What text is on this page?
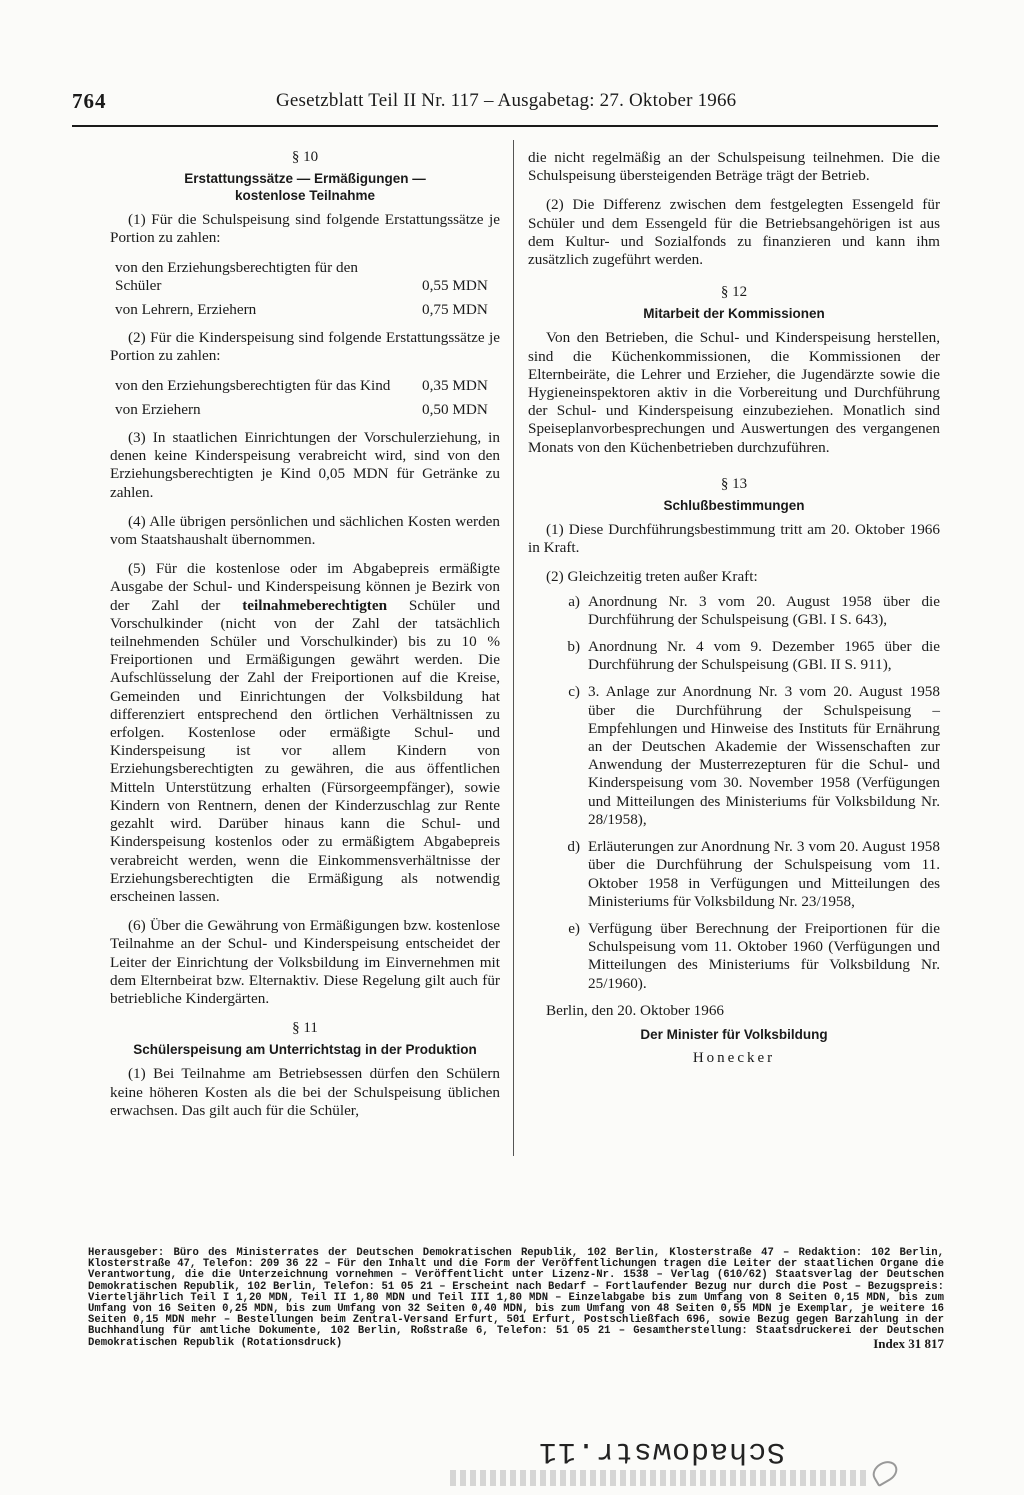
764	Gesetzblatt Teil II Nr. 117 – Ausgabetag: 27. Oktober 1966
§ 10
Erstattungssätze — Ermäßigungen —
kostenlose Teilnahme
(1) Für die Schulspeisung sind folgende Erstattungssätze je Portion zu zahlen:
von den Erziehungsberechtigten für den Schüler	0,55 MDN
von Lehrern, Erziehern	0,75 MDN
(2) Für die Kinderspeisung sind folgende Erstattungssätze je Portion zu zahlen:
von den Erziehungsberechtigten für das Kind	0,35 MDN
von Erziehern	0,50 MDN
(3) In staatlichen Einrichtungen der Vorschulerziehung, in denen keine Kinderspeisung verabreicht wird, sind von den Erziehungsberechtigten je Kind 0,05 MDN für Getränke zu zahlen.
(4) Alle übrigen persönlichen und sächlichen Kosten werden vom Staatshaushalt übernommen.
(5) Für die kostenlose oder im Abgabepreis ermäßigte Ausgabe der Schul- und Kinderspeisung können je Bezirk von der Zahl der teilnahmeberechtigten Schüler und Vorschulkinder (nicht von der Zahl der tatsächlich teilnehmenden Schüler und Vorschulkinder) bis zu 10 % Freiportionen und Ermäßigungen gewährt werden. Die Aufschlüsselung der Zahl der Freiportionen auf die Kreise, Gemeinden und Einrichtungen der Volksbildung hat differenziert entsprechend den örtlichen Verhältnissen zu erfolgen. Kostenlose oder ermäßigte Schul- und Kinderspeisung ist vor allem Kindern von Erziehungsberechtigten zu gewähren, die aus öffentlichen Mitteln Unterstützung erhalten (Fürsorgeempfänger), sowie Kindern von Rentnern, denen der Kinderzuschlag zur Rente gezahlt wird. Darüber hinaus kann die Schul- und Kinderspeisung kostenlos oder zu ermäßigtem Abgabepreis verabreicht werden, wenn die Einkommensverhältnisse der Erziehungsberechtigten die Ermäßigung als notwendig erscheinen lassen.
(6) Über die Gewährung von Ermäßigungen bzw. kostenlose Teilnahme an der Schul- und Kinderspeisung entscheidet der Leiter der Einrichtung der Volksbildung im Einvernehmen mit dem Elternbeirat bzw. Elternaktiv. Diese Regelung gilt auch für betriebliche Kindergärten.
§ 11
Schülerspeisung am Unterrichtstag in der Produktion
(1) Bei Teilnahme am Betriebsessen dürfen den Schülern keine höheren Kosten als die bei der Schulspeisung üblichen erwachsen. Das gilt auch für die Schüler,
die nicht regelmäßig an der Schulspeisung teilnehmen. Die die Schulspeisung übersteigenden Beträge trägt der Betrieb.
(2) Die Differenz zwischen dem festgelegten Essengeld für Schüler und dem Essengeld für die Betriebsangehörigen ist aus dem Kultur- und Sozialfonds zu finanzieren und kann ihm zusätzlich zugeführt werden.
§ 12
Mitarbeit der Kommissionen
Von den Betrieben, die Schul- und Kinderspeisung herstellen, sind die Küchenkommissionen, die Kommissionen der Elternbeiräte, die Lehrer und Erzieher, die Jugendärzte sowie die Hygieneinspektoren aktiv in die Vorbereitung und Durchführung der Schul- und Kinderspeisung einzubeziehen. Monatlich sind Speiseplanvorbesprechungen und Auswertungen des vergangenen Monats von den Küchenbetrieben durchzuführen.
§ 13
Schlußbestimmungen
(1) Diese Durchführungsbestimmung tritt am 20. Oktober 1966 in Kraft.
(2) Gleichzeitig treten außer Kraft:
a) Anordnung Nr. 3 vom 20. August 1958 über die Durchführung der Schulspeisung (GBl. I S. 643),
b) Anordnung Nr. 4 vom 9. Dezember 1965 über die Durchführung der Schulspeisung (GBl. II S. 911),
c) 3. Anlage zur Anordnung Nr. 3 vom 20. August 1958 über die Durchführung der Schulspeisung – Empfehlungen und Hinweise des Instituts für Ernährung an der Deutschen Akademie der Wissenschaften zur Anwendung der Musterrezepturen für die Schul- und Kinderspeisung vom 30. November 1958 (Verfügungen und Mitteilungen des Ministeriums für Volksbildung Nr. 28/1958),
d) Erläuterungen zur Anordnung Nr. 3 vom 20. August 1958 über die Durchführung der Schulspeisung vom 11. Oktober 1958 in Verfügungen und Mitteilungen des Ministeriums für Volksbildung Nr. 23/1958,
e) Verfügung über Berechnung der Freiportionen für die Schulspeisung vom 11. Oktober 1960 (Verfügungen und Mitteilungen des Ministeriums für Volksbildung Nr. 25/1960).
Berlin, den 20. Oktober 1966
Der Minister für Volksbildung
Honecker
Herausgeber: Büro des Ministerrates der Deutschen Demokratischen Republik, 102 Berlin, Klosterstraße 47 – Redaktion: 102 Berlin, Klosterstraße 47, Telefon: 209 36 22 – Für den Inhalt und die Form der Veröffentlichungen tragen die Leiter der staatlichen Organe die Verantwortung, die die Unterzeichnung vornehmen – Veröffentlicht unter Lizenz-Nr. 1538 – Verlag (610/62) Staatsverlag der Deutschen Demokratischen Republik, 102 Berlin, Telefon: 51 05 21 – Erscheint nach Bedarf – Fortlaufender Bezug nur durch die Post – Bezugspreis: Vierteljährlich Teil I 1,20 MDN, Teil II 1,80 MDN und Teil III 1,80 MDN – Einzelabgabe bis zum Umfang von 8 Seiten 0,15 MDN, bis zum Umfang von 16 Seiten 0,25 MDN, bis zum Umfang von 32 Seiten 0,40 MDN, bis zum Umfang von 48 Seiten 0,55 MDN je Exemplar, je weitere 16 Seiten 0,15 MDN mehr – Bestellungen beim Zentral-Versand Erfurt, 501 Erfurt, Postschließfach 696, sowie Bezug gegen Barzahlung in der Buchhandlung für amtliche Dokumente, 102 Berlin, Roßstraße 6, Telefon: 51 05 21 – Gesamtherstellung: Staatsdruckerei der Deutschen Demokratischen Republik (Rotationsdruck)	Index 31 817
Schadowstr.11
